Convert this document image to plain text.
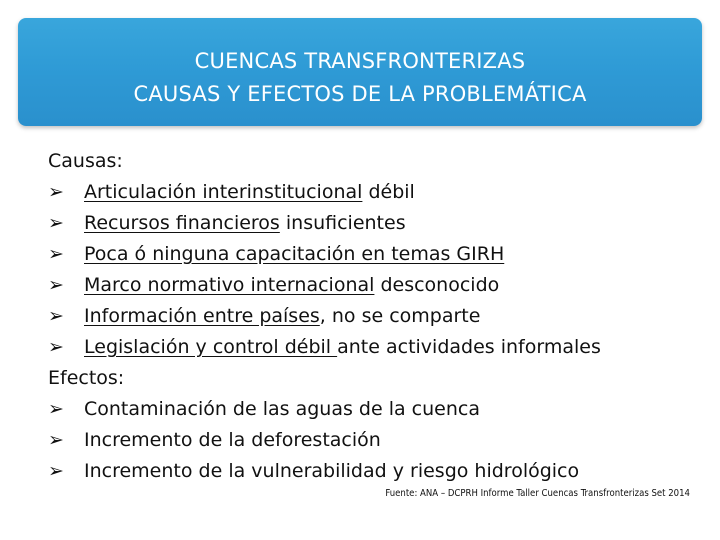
CUENCAS TRANSFRONTERIZAS
CAUSAS Y EFECTOS DE LA PROBLEMÁTICA
Causas:
➢ Articulación interinstitucional débil
➢ Recursos financieros insuficientes
➢ Poca ó ninguna capacitación en temas GIRH
➢ Marco normativo internacional desconocido
➢ Información entre países, no se comparte
➢ Legislación y control débil ante actividades informales
Efectos:
➢ Contaminación de las aguas de la cuenca
➢ Incremento de la deforestación
➢ Incremento de la vulnerabilidad y riesgo hidrológico
Fuente: ANA – DCPRH Informe Taller Cuencas Transfronterizas Set 2014
